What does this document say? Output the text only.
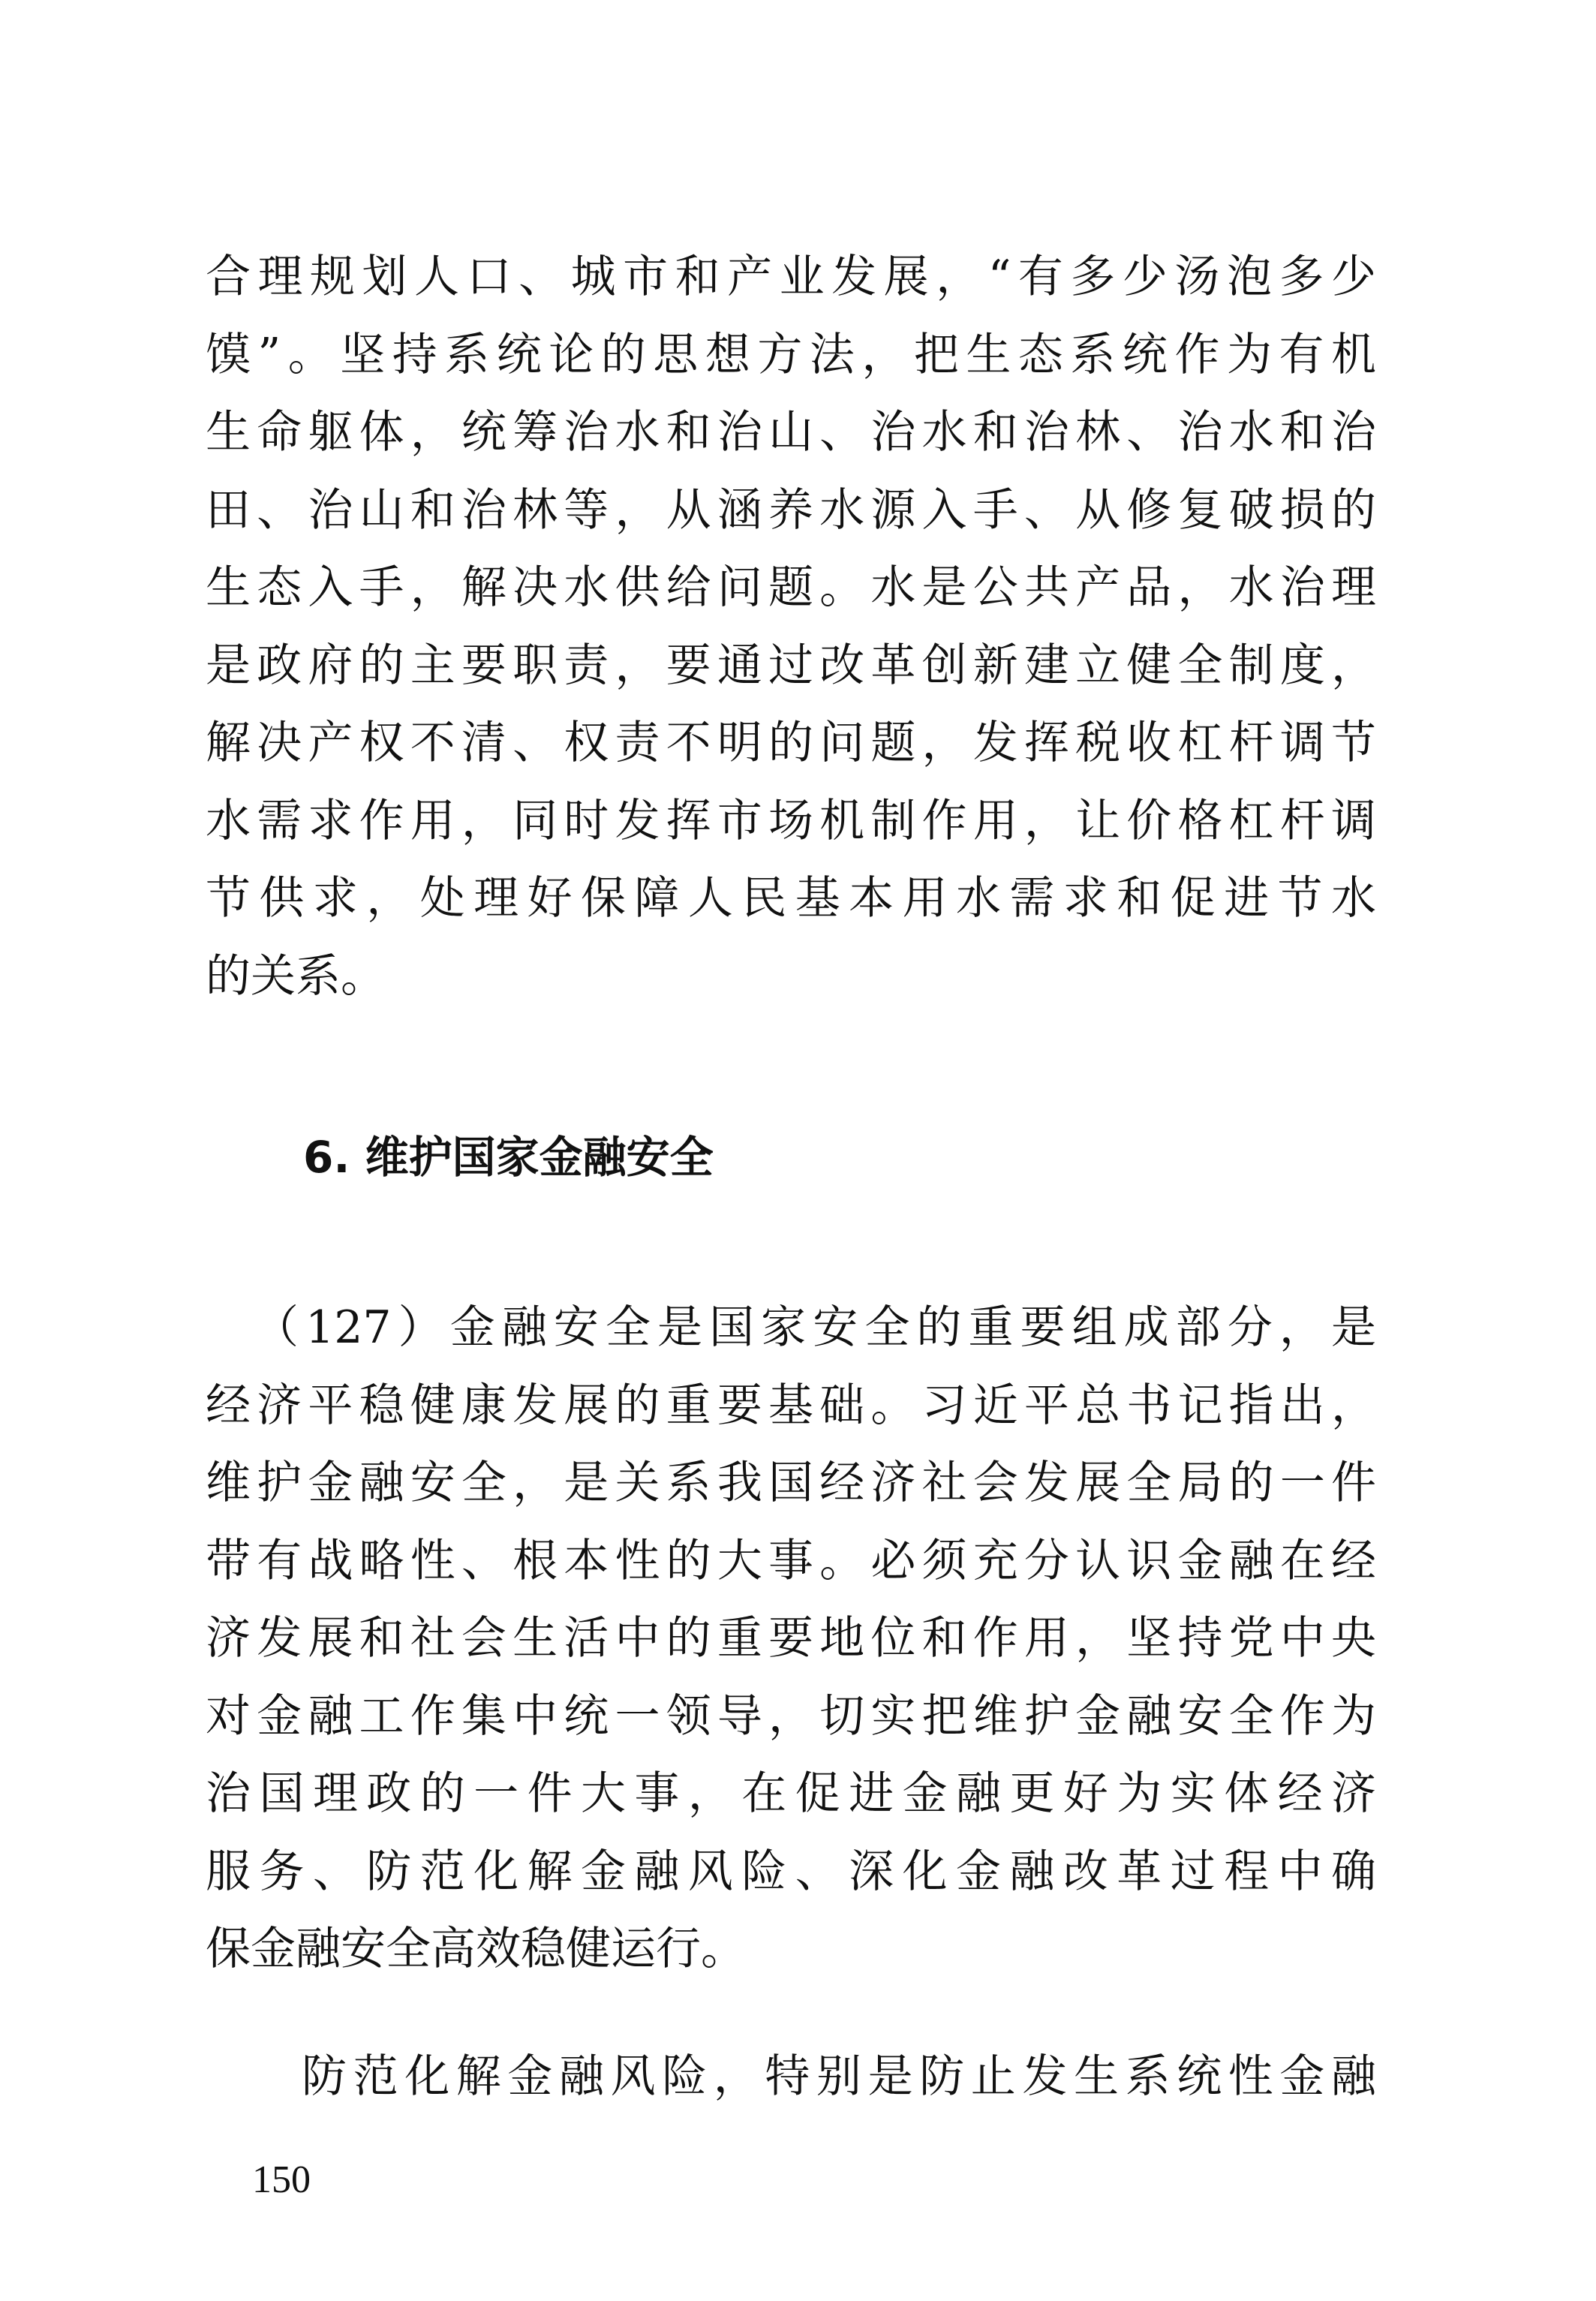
合理规划人口、城市和产业发展，“有多少汤泡多少
馍”。坚持系统论的思想方法，把生态系统作为有机
生命躯体，统筹治水和治山、治水和治林、治水和治
田、治山和治林等，从涵养水源入手、从修复破损的
生态入手，解决水供给问题。水是公共产品，水治理
是政府的主要职责，要通过改革创新建立健全制度，
解决产权不清、权责不明的问题，发挥税收杠杆调节
水需求作用，同时发挥市场机制作用，让价格杠杆调
节供求，处理好保障人民基本用水需求和促进节水
的关系。
6. 维护国家金融安全
（127）金融安全是国家安全的重要组成部分，是
经济平稳健康发展的重要基础。习近平总书记指出，
维护金融安全，是关系我国经济社会发展全局的一件
带有战略性、根本性的大事。必须充分认识金融在经
济发展和社会生活中的重要地位和作用，坚持党中央
对金融工作集中统一领导，切实把维护金融安全作为
治国理政的一件大事，在促进金融更好为实体经济
服务、防范化解金融风险、深化金融改革过程中确
保金融安全高效稳健运行。
防范化解金融风险，特别是防止发生系统性金融
150
